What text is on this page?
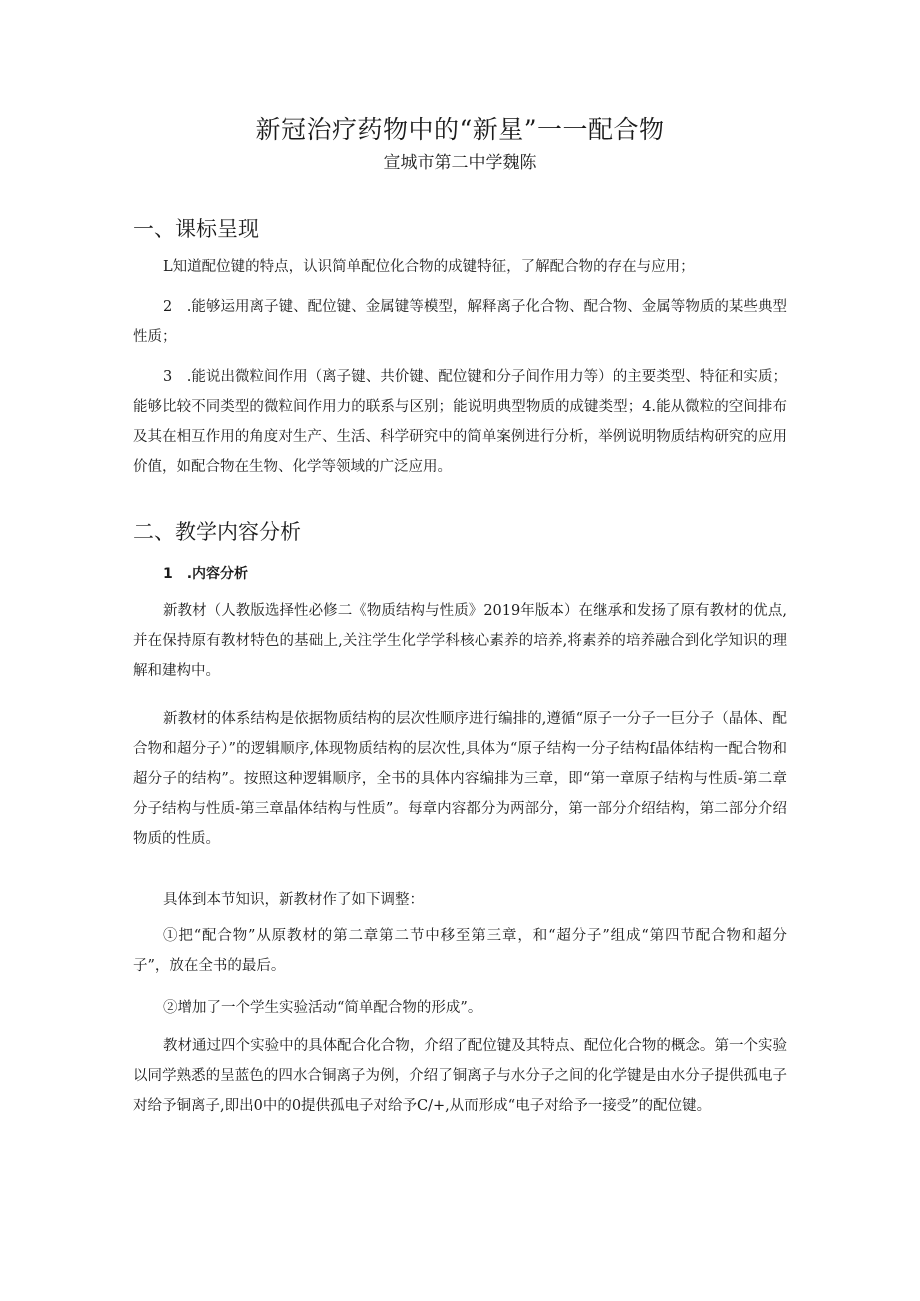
新冠治疗药物中的“新星”一一配合物
宣城市第二中学魏陈
一、课标呈现

L知道配位键的特点，认识简单配位化合物的成键特征，了解配合物的存在与应用；

2　.能够运用离子键、配位键、金属键等模型，解释离子化合物、配合物、金属等物质的某些典型性质；

3　.能说出微粒间作用（离子键、共价键、配位键和分子间作用力等）的主要类型、特征和实质；能够比较不同类型的微粒间作用力的联系与区别；能说明典型物质的成键类型；4.能从微粒的空间排布及其在相互作用的角度对生产、生活、科学研究中的简单案例进行分析，举例说明物质结构研究的应用价值，如配合物在生物、化学等领域的广泛应用。

二、教学内容分析
1　.内容分析

新教材（人教版选择性必修二《物质结构与性质》2019年版本）在继承和发扬了原有教材的优点,并在保持原有教材特色的基础上,关注学生化学学科核心素养的培养,将素养的培养融合到化学知识的理解和建构中。

新教材的体系结构是依据物质结构的层次性顺序进行编排的,遵循“原子一分子一巨分子（晶体、配合物和超分子）”的逻辑顺序,体现物质结构的层次性,具体为“原子结构一分子结构f晶体结构一配合物和超分子的结构”。按照这种逻辑顺序，全书的具体内容编排为三章，即“第一章原子结构与性质-第二章分子结构与性质-第三章晶体结构与性质”。每章内容都分为两部分，第一部分介绍结构，第二部分介绍物质的性质。

具体到本节知识，新教材作了如下调整：

①把“配合物”从原教材的第二章第二节中移至第三章，和“超分子”组成“第四节配合物和超分子”，放在全书的最后。

②增加了一个学生实验活动“简单配合物的形成”。

教材通过四个实验中的具体配合化合物，介绍了配位键及其特点、配位化合物的概念。第一个实验以同学熟悉的呈蓝色的四水合铜离子为例，介绍了铜离子与水分子之间的化学键是由水分子提供孤电子对给予铜离子,即出0中的0提供孤电子对给予C/+,从而形成“电子对给予一接受”的配位键。
